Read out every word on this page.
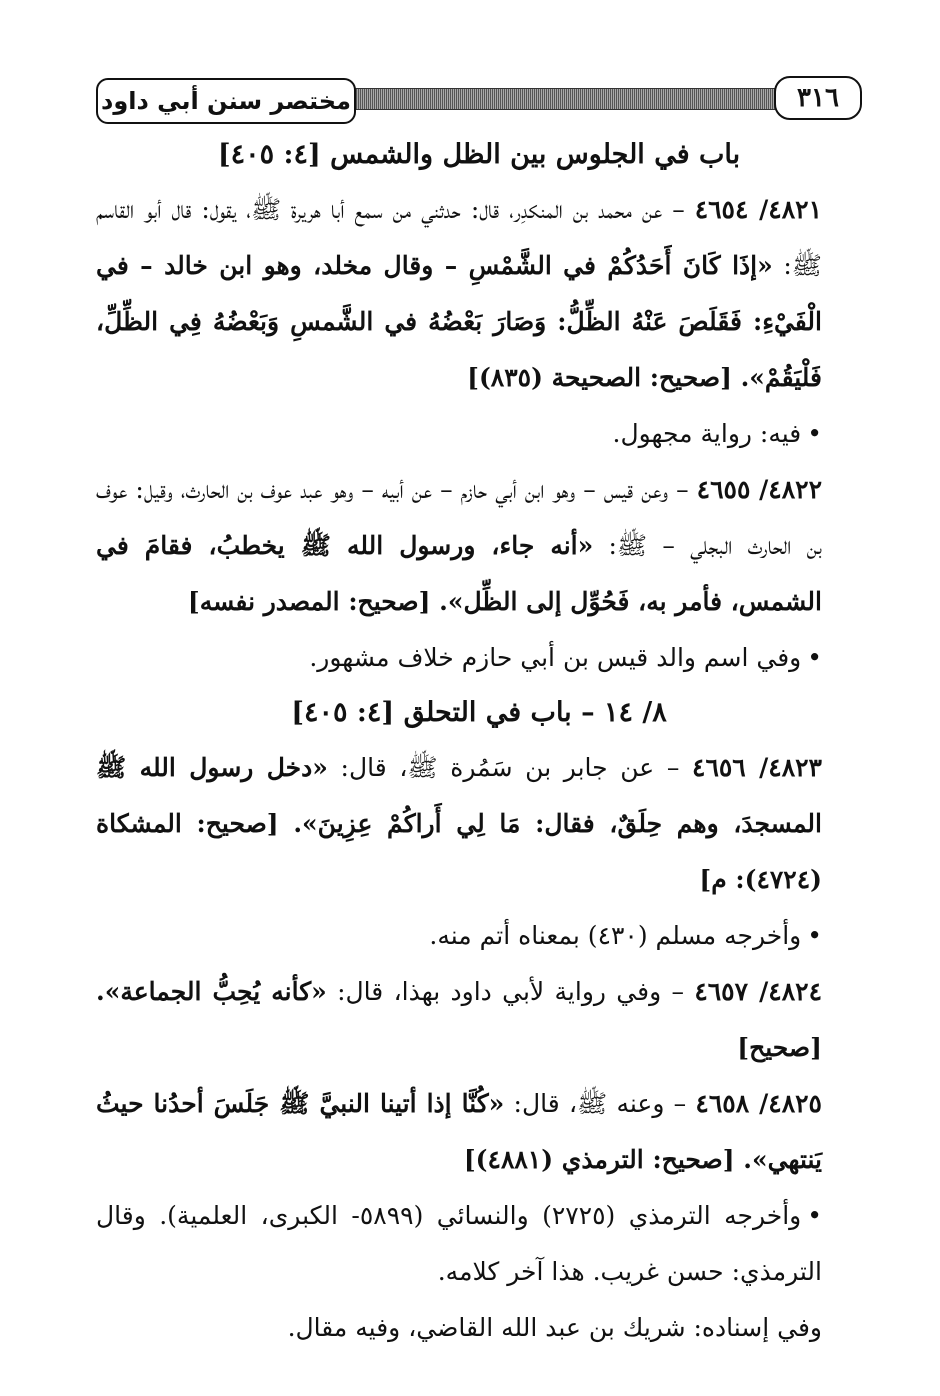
مختصر سنن أبي داود	٣١٦

باب في الجلوس بين الظل والشمس [٤: ٤٠٥]

٤٨٢١/ ٤٦٥٤ – عن محمد بن المنكدِر، قال: حدثني من سمع أبا هريرة ﷺ، يقول: قال أبو القاسم ﷺ: «إذَا كَانَ أَحَدُكُمْ في الشَّمْسِ – وقال مخلد، وهو ابن خالد – في الْفَيْءِ: فَقَلَصَ عَنْهُ الظِّلُّ: وَصَارَ بَعْضُهُ في الشَّمسِ وَبَعْضُهُ فِي الظِّلِّ، فَلْيَقُمْ». [صحيح: الصحيحة (٨٣٥)]

•فيه: رواية مجهول.

٤٨٢٢/ ٤٦٥٥ – وعن قيس – وهو ابن أبي حازم – عن أبيه – وهو عبد عوف بن الحارث، وقيل: عوف بن الحارث البجلي – ﷺ: «أنه جاء، ورسول الله ﷺ يخطبُ، فقامَ في الشمس، فأمر به، فَحُوِّل إلى الظِّل». [صحيح: المصدر نفسه]

•وفي اسم والد قيس بن أبي حازم خلاف مشهور.

٨/ ١٤ – باب في التحلق [٤: ٤٠٥]

٤٨٢٣/ ٤٦٥٦ – عن جابر بن سَمُرة ﷺ، قال: «دخل رسول الله ﷺ المسجدَ، وهم حِلَقٌ، فقال: مَا لِي أَراكُمْ عِزِينَ». [صحيح: المشكاة (٤٧٢٤): م]

•وأخرجه مسلم (٤٣٠) بمعناه أتم منه.

٤٨٢٤/ ٤٦٥٧ – وفي رواية لأبي داود بهذا، قال: «كأنه يُحِبُّ الجماعة». [صحيح]

٤٨٢٥/ ٤٦٥٨ – وعنه ﷺ، قال: «كُنَّا إذا أتينا النبيَّ ﷺ جَلَسَ أحدُنا حيثُ يَنتهي». [صحيح: الترمذي (٤٨٨١)]

•وأخرجه الترمذي (٢٧٢٥) والنسائي (٥٨٩٩- الكبرى، العلمية). وقال الترمذي: حسن غريب. هذا آخر كلامه.

وفي إسناده: شريك بن عبد الله القاضي، وفيه مقال.
